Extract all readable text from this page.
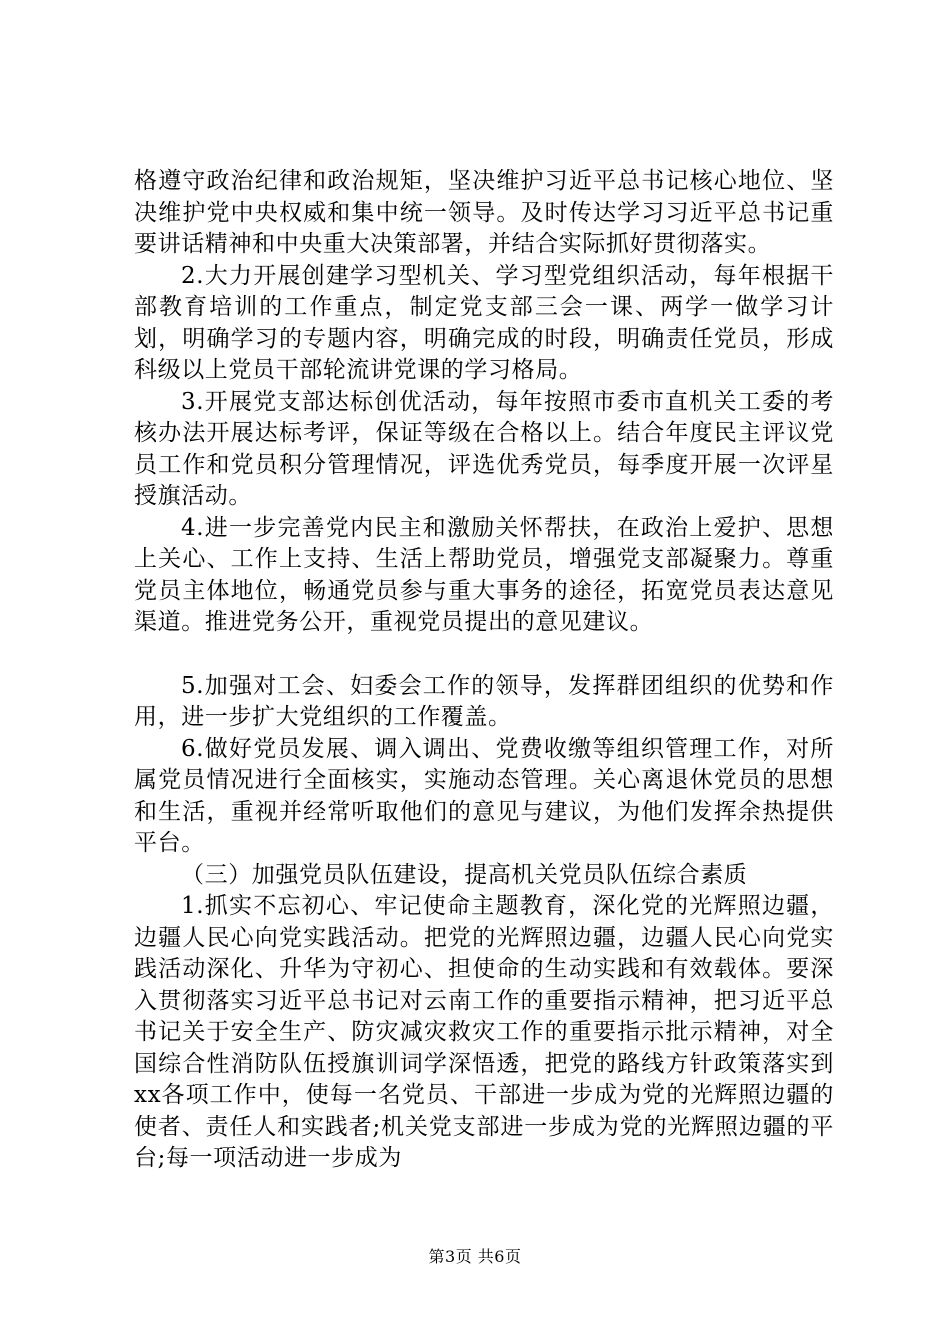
格遵守政治纪律和政治规矩，坚决维护习近平总书记核心地位、坚决维护党中央权威和集中统一领导。及时传达学习习近平总书记重要讲话精神和中央重大决策部署，并结合实际抓好贯彻落实。

2.大力开展创建学习型机关、学习型党组织活动，每年根据干部教育培训的工作重点，制定党支部三会一课、两学一做学习计划，明确学习的专题内容，明确完成的时段，明确责任党员，形成科级以上党员干部轮流讲党课的学习格局。

3.开展党支部达标创优活动，每年按照市委市直机关工委的考核办法开展达标考评，保证等级在合格以上。结合年度民主评议党员工作和党员积分管理情况，评选优秀党员，每季度开展一次评星授旗活动。

4.进一步完善党内民主和激励关怀帮扶，在政治上爱护、思想上关心、工作上支持、生活上帮助党员，增强党支部凝聚力。尊重党员主体地位，畅通党员参与重大事务的途径，拓宽党员表达意见渠道。推进党务公开，重视党员提出的意见建议。

5.加强对工会、妇委会工作的领导，发挥群团组织的优势和作用，进一步扩大党组织的工作覆盖。

6.做好党员发展、调入调出、党费收缴等组织管理工作，对所属党员情况进行全面核实，实施动态管理。关心离退休党员的思想和生活，重视并经常听取他们的意见与建议，为他们发挥余热提供平台。

（三）加强党员队伍建设，提高机关党员队伍综合素质

1.抓实不忘初心、牢记使命主题教育，深化党的光辉照边疆，边疆人民心向党实践活动。把党的光辉照边疆，边疆人民心向党实践活动深化、升华为守初心、担使命的生动实践和有效载体。要深入贯彻落实习近平总书记对云南工作的重要指示精神，把习近平总书记关于安全生产、防灾减灾救灾工作的重要指示批示精神，对全国综合性消防队伍授旗训词学深悟透，把党的路线方针政策落实到xx各项工作中，使每一名党员、干部进一步成为党的光辉照边疆的使者、责任人和实践者;机关党支部进一步成为党的光辉照边疆的平台;每一项活动进一步成为

第3页 共6页
